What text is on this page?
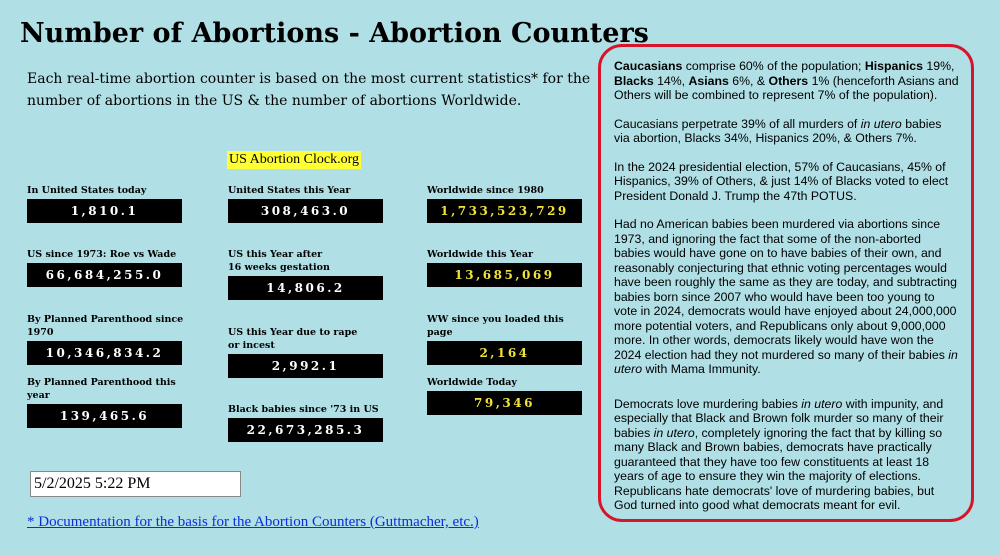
Number of Abortions - Abortion Counters
Each real-time abortion counter is based on the most current statistics* for the number of abortions in the US & the number of abortions Worldwide.
US Abortion Clock.org
In United States today
1,810.1
US since 1973: Roe vs Wade
66,684,255.0
By Planned Parenthood since 1970
10,346,834.2
By Planned Parenthood this year
139,465.6
United States this Year
308,463.0
US this Year after
16 weeks gestation
14,806.2
US this Year due to rape
or incest
2,992.1
Black babies since '73 in US
22,673,285.3
Worldwide since 1980
1,733,523,729
Worldwide this Year
13,685,069
WW since you loaded this page
2,164
Worldwide Today
79,346
5/2/2025 5:22 PM
* Documentation for the basis for the Abortion Counters (Guttmacher, etc.)

Caucasians comprise 60% of the population; Hispanics 19%, Blacks 14%, Asians 6%, & Others 1% (henceforth Asians and Others will be combined to represent 7% of the population).

Caucasians perpetrate 39% of all murders of in utero babies via abortion, Blacks 34%, Hispanics 20%, & Others 7%.

In the 2024 presidential election, 57% of Caucasians, 45% of Hispanics, 39% of Others, & just 14% of Blacks voted to elect President Donald J. Trump the 47th POTUS.

Had no American babies been murdered via abortions since 1973, and ignoring the fact that some of the non-aborted babies would have gone on to have babies of their own, and reasonably conjecturing that ethnic voting percentages would have been roughly the same as they are today, and subtracting babies born since 2007 who would have been too young to vote in 2024, democrats would have enjoyed about 24,000,000 more potential voters, and Republicans only about 9,000,000 more. In other words, democrats likely would have won the 2024 election had they not murdered so many of their babies in utero with Mama Immunity.

Democrats love murdering babies in utero with impunity, and especially that Black and Brown folk murder so many of their babies in utero, completely ignoring the fact that by killing so many Black and Brown babies, democrats have practically guaranteed that they have too few constituents at least 18 years of age to ensure they win the majority of elections. Republicans hate democrats' love of murdering babies, but God turned into good what democrats meant for evil.
